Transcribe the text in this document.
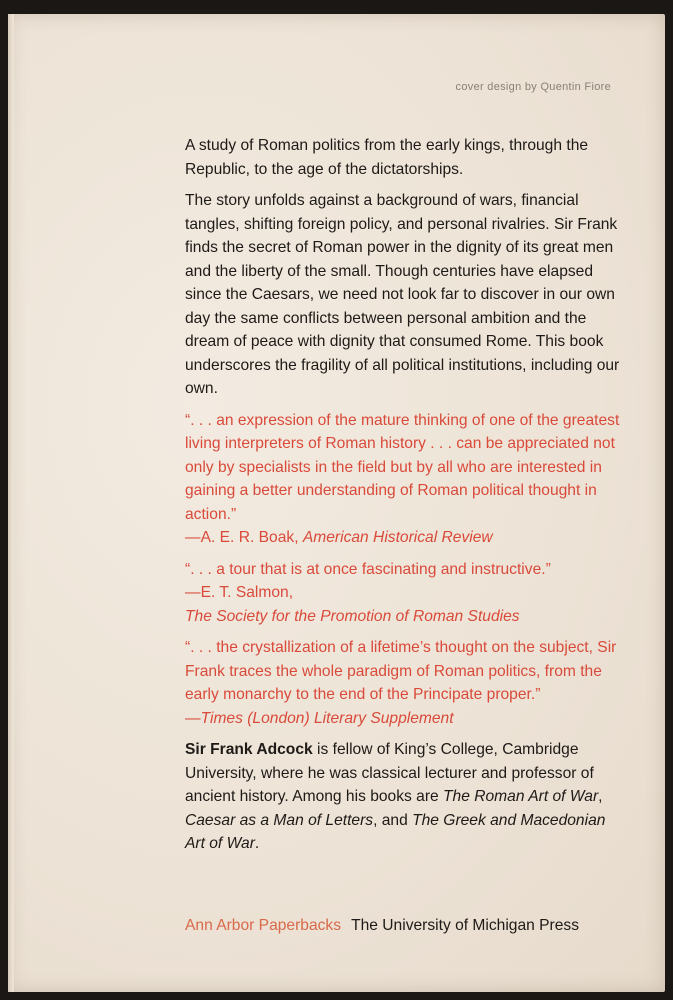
cover design by Quentin Fiore

A study of Roman politics from the early kings, through the Republic, to the age of the dictatorships.

The story unfolds against a background of wars, financial tangles, shifting foreign policy, and personal rivalries. Sir Frank finds the secret of Roman power in the dignity of its great men and the liberty of the small. Though centuries have elapsed since the Caesars, we need not look far to discover in our own day the same conflicts between personal ambition and the dream of peace with dignity that consumed Rome. This book underscores the fragility of all political institutions, including our own.

“. . . an expression of the mature thinking of one of the greatest living interpreters of Roman history . . . can be appreciated not only by specialists in the field but by all who are interested in gaining a better understanding of Roman political thought in action.”

—A. E. R. Boak, American Historical Review

“. . . a tour that is at once fascinating and instructive.”

—E. T. Salmon,

The Society for the Promotion of Roman Studies

“. . . the crystallization of a lifetime’s thought on the subject, Sir Frank traces the whole paradigm of Roman politics, from the early monarchy to the end of the Principate proper.”

—Times (London) Literary Supplement

Sir Frank Adcock is fellow of King’s College, Cambridge University, where he was classical lecturer and professor of ancient history. Among his books are The Roman Art of War, Caesar as a Man of Letters, and The Greek and Macedonian Art of War.

Ann Arbor Paperbacks The University of Michigan Press
